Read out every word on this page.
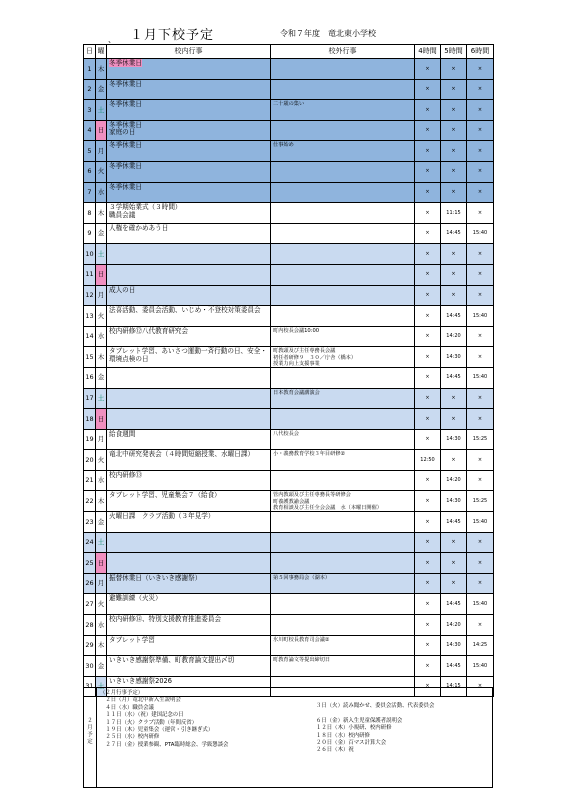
１月下校予定	令和７年度　竜北東小学校
、
日	曜	校内行事	校外行事	4時間	5時間	6時間
1	木	冬季休業日		×	×	×
2	金	冬季休業日		×	×	×
3	土	冬季休業日	二十歳の集い	×	×	×
4	日	冬季休業日
家庭の日		×	×	×
5	月	冬季休業日	仕事始め	×	×	×
6	火	冬季休業日		×	×	×
7	水	冬季休業日		×	×	×
8	木	３学期始業式（３時間）
職員会議		×	11:15	×
9	金	人権を確かめあう日		×	14:45	15:40
10	土			×	×	×
11	日			×	×	×
12	月	成人の日		×	×	×
13	火	法喜活動、委員会活動、いじめ・不登校対策委員会		×	14:45	15:40
14	水	校内研修⑫八代教育研究会	町内校長会議10:00	×	14:20	×
15	木	タブレット学習、あいさつ運動一斉行動の日、安全・環境点検の日	町教頭及び主任専務長会議
初任者研修９　３０／庁舎（橋本）
授業力向上支援事業	×	14:30	×
16	金			×	14:45	15:40
17	土		日本教育会議講演会	×	×	×
18	日			×	×	×
19	月	給食週間	八代校長会	×	14:30	15:25
20	火	竜北中研究発表会（４時間短縮授業、水曜日課）	小・義務教育学校３年目研修②	12:50	×	×
21	水	校内研修⑬		×	14:20	×
22	木	タブレット学習、児童集会７（給食）	管内教頭及び主任専務長等研修会
町養護教諭会議
教育相談及び主任全会会議　水（本曜日開催）	×	14:30	15:25
23	金	火曜日課　クラブ活動（３年見学）		×	14:45	15:40
24	土			×	×	×
25	日			×	×	×
26	月	振替休業日（いきいき感謝祭）	第５回事務局会（湖本）	×	×	×
27	火	避難訓練（火災）		×	14:45	15:40
28	水	校内研修⑭、特別支援教育推進委員会		×	14:20	×
29	木	タブレット学習	氷川町校長教育司会議②	×	14:30	14:25
30	金	いきいき感謝祭準備、町教育論文提出〆切	町教育論文等提出締切日	×	14:45	15:40
31	土	いきいき感謝祭2026		×	14:15	×
２
月
予
定
（２月行事予定）
　２日（月）竜北中新入生説明会
　４日（水）職員会議
　１１日（水）（祝）建国記念の日
　１７日（火）クラブ活動（年間反省）
　１９日（木）児童集会（運営・引き継ぎ式）
　２５日（水）校内研修
　２７日（金）授業参観、PTA臨時総会、学級懇談会
３日（火）読み聞かせ、委員会活動、代表委員会
６日（金）新入生児童保護者説明会
１２日（木）小規研、校内研修
１８日（水）校内研修
２０日（金）百マス計算大会
２６日（木）祝
